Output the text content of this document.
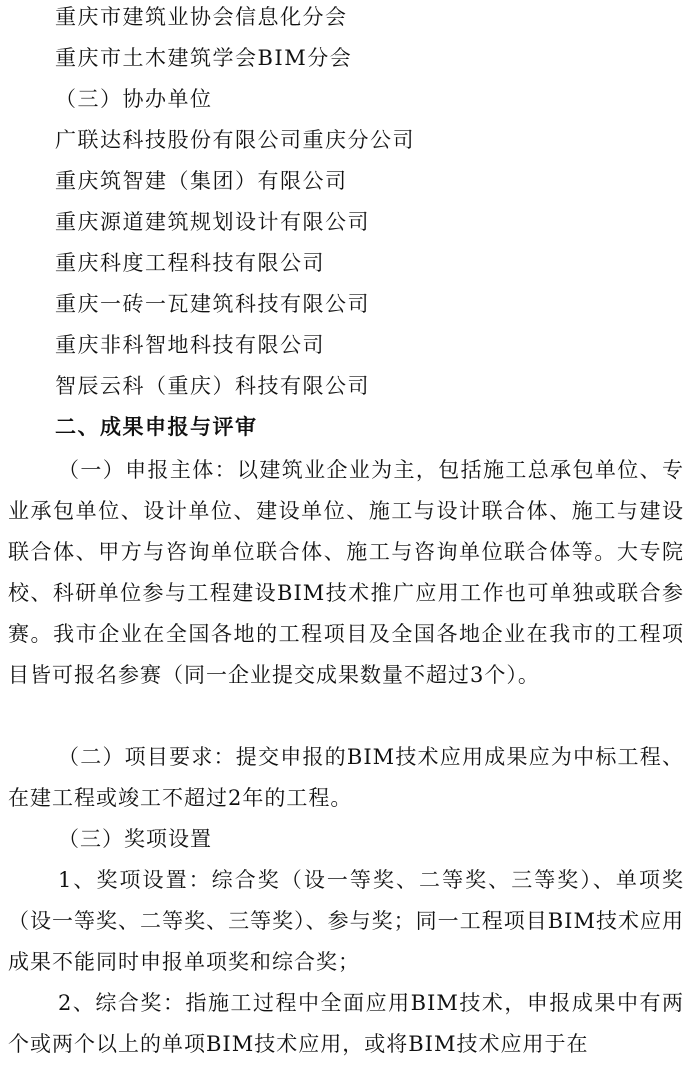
重庆市建筑业协会信息化分会
重庆市土木建筑学会BIM分会
（三）协办单位
广联达科技股份有限公司重庆分公司
重庆筑智建（集团）有限公司
重庆源道建筑规划设计有限公司
重庆科度工程科技有限公司
重庆一砖一瓦建筑科技有限公司
重庆非科智地科技有限公司
智辰云科（重庆）科技有限公司
二、成果申报与评审
（一）申报主体：以建筑业企业为主，包括施工总承包单位、专业承包单位、设计单位、建设单位、施工与设计联合体、施工与建设联合体、甲方与咨询单位联合体、施工与咨询单位联合体等。大专院校、科研单位参与工程建设BIM技术推广应用工作也可单独或联合参赛。我市企业在全国各地的工程项目及全国各地企业在我市的工程项目皆可报名参赛（同一企业提交成果数量不超过3个）。
（二）项目要求：提交申报的BIM技术应用成果应为中标工程、在建工程或竣工不超过2年的工程。
（三）奖项设置
1、奖项设置：综合奖（设一等奖、二等奖、三等奖）、单项奖（设一等奖、二等奖、三等奖）、参与奖；同一工程项目BIM技术应用成果不能同时申报单项奖和综合奖；
2、综合奖：指施工过程中全面应用BIM技术，申报成果中有两个或两个以上的单项BIM技术应用，或将BIM技术应用于在
